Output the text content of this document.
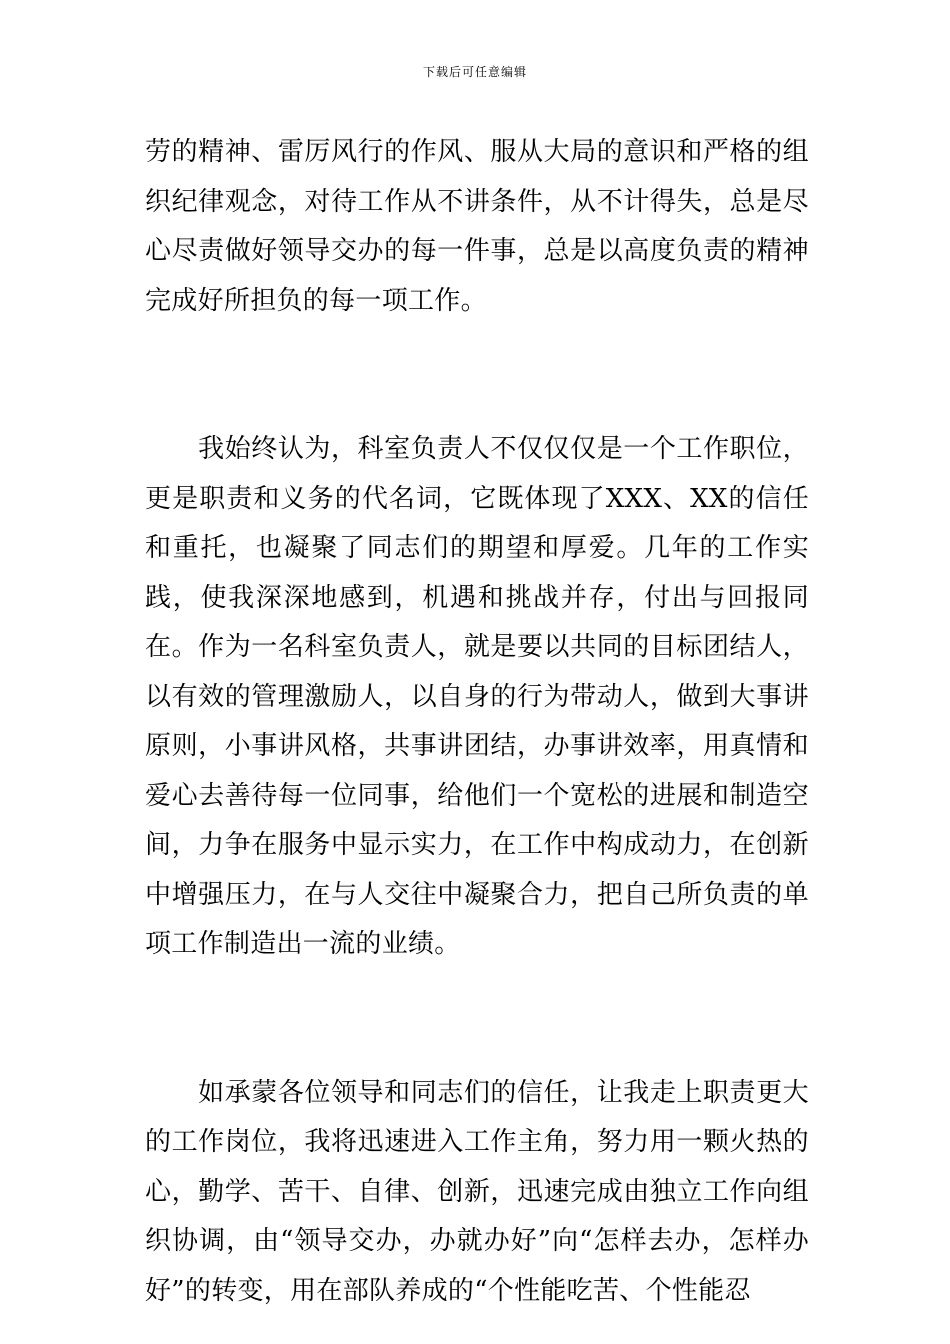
下载后可任意编辑

劳的精神、雷厉风行的作风、服从大局的意识和严格的组织纪律观念，对待工作从不讲条件，从不计得失，总是尽心尽责做好领导交办的每一件事，总是以高度负责的精神完成好所担负的每一项工作。

　　我始终认为，科室负责人不仅仅仅是一个工作职位，更是职责和义务的代名词，它既体现了XXX、XX的信任和重托，也凝聚了同志们的期望和厚爱。几年的工作实践，使我深深地感到，机遇和挑战并存，付出与回报同在。作为一名科室负责人，就是要以共同的目标团结人，以有效的管理激励人，以自身的行为带动人，做到大事讲原则，小事讲风格，共事讲团结，办事讲效率，用真情和爱心去善待每一位同事，给他们一个宽松的进展和制造空间，力争在服务中显示实力，在工作中构成动力，在创新中增强压力，在与人交往中凝聚合力，把自己所负责的单项工作制造出一流的业绩。

　　如承蒙各位领导和同志们的信任，让我走上职责更大的工作岗位，我将迅速进入工作主角，努力用一颗火热的心，勤学、苦干、自律、创新，迅速完成由独立工作向组织协调，由“领导交办，办就办好”向“怎样去办，怎样办好”的转变，用在部队养成的“个性能吃苦、个性能忍
